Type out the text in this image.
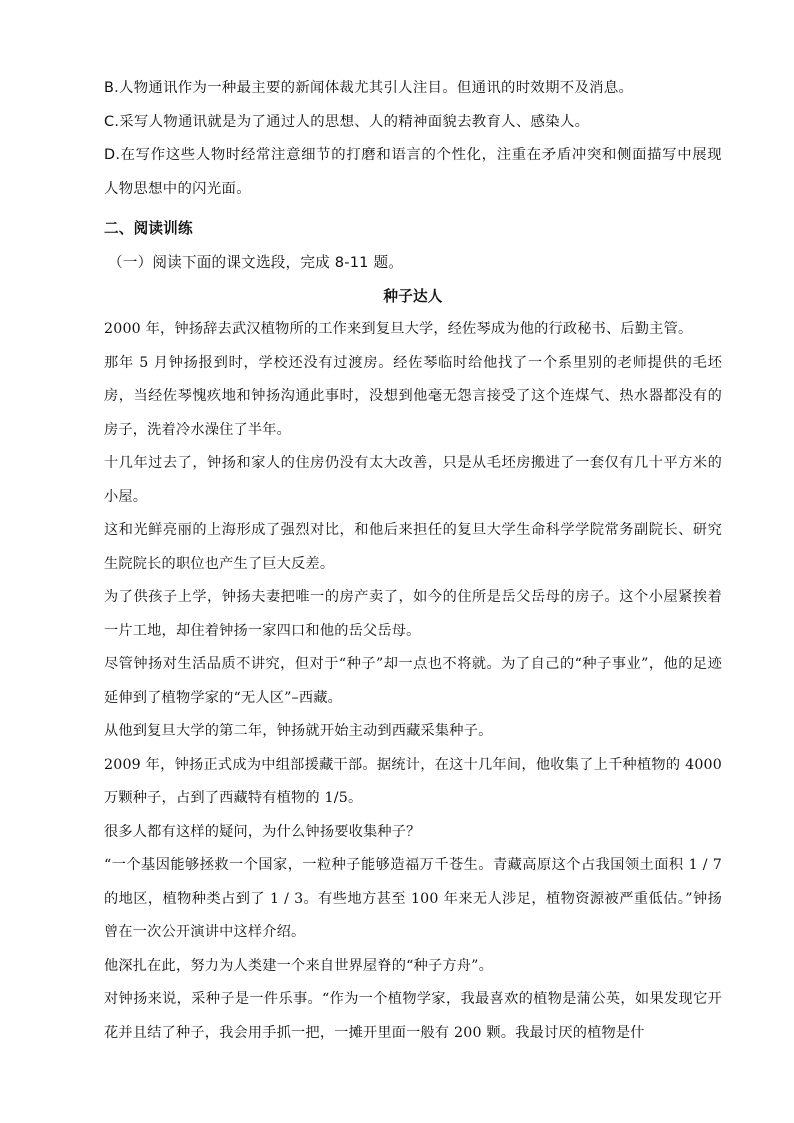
B.人物通讯作为一种最主要的新闻体裁尤其引人注目。但通讯的时效期不及消息。

C.采写人物通讯就是为了通过人的思想、人的精神面貌去教育人、感染人。

D.在写作这些人物时经常注意细节的打磨和语言的个性化，注重在矛盾冲突和侧面描写中展现人物思想中的闪光面。

二、阅读训练

（一）阅读下面的课文选段，完成 8-11 题。

种子达人

2000 年，钟扬辞去武汉植物所的工作来到复旦大学，经佐琴成为他的行政秘书、后勤主管。

那年 5 月钟扬报到时，学校还没有过渡房。经佐琴临时给他找了一个系里别的老师提供的毛坯房，当经佐琴愧疚地和钟扬沟通此事时，没想到他毫无怨言接受了这个连煤气、热水器都没有的房子，洗着冷水澡住了半年。

十几年过去了，钟扬和家人的住房仍没有太大改善，只是从毛坯房搬进了一套仅有几十平方米的小屋。

这和光鲜亮丽的上海形成了强烈对比，和他后来担任的复旦大学生命科学学院常务副院长、研究生院院长的职位也产生了巨大反差。

为了供孩子上学，钟扬夫妻把唯一的房产卖了，如今的住所是岳父岳母的房子。这个小屋紧挨着一片工地，却住着钟扬一家四口和他的岳父岳母。

尽管钟扬对生活品质不讲究，但对于“种子”却一点也不将就。为了自己的“种子事业”，他的足迹延伸到了植物学家的“无人区”–西藏。

从他到复旦大学的第二年，钟扬就开始主动到西藏采集种子。

2009 年，钟扬正式成为中组部援藏干部。据统计，在这十几年间，他收集了上千种植物的 4000 万颗种子，占到了西藏特有植物的 1/5。

很多人都有这样的疑问，为什么钟扬要收集种子？

“一个基因能够拯救一个国家，一粒种子能够造福万千苍生。青藏高原这个占我国领土面积 1 / 7 的地区，植物种类占到了 1 / 3。有些地方甚至 100 年来无人涉足，植物资源被严重低估。”钟扬曾在一次公开演讲中这样介绍。

他深扎在此，努力为人类建一个来自世界屋脊的“种子方舟”。

对钟扬来说，采种子是一件乐事。“作为一个植物学家，我最喜欢的植物是蒲公英，如果发现它开花并且结了种子，我会用手抓一把，一摊开里面一般有 200 颗。我最讨厌的植物是什
